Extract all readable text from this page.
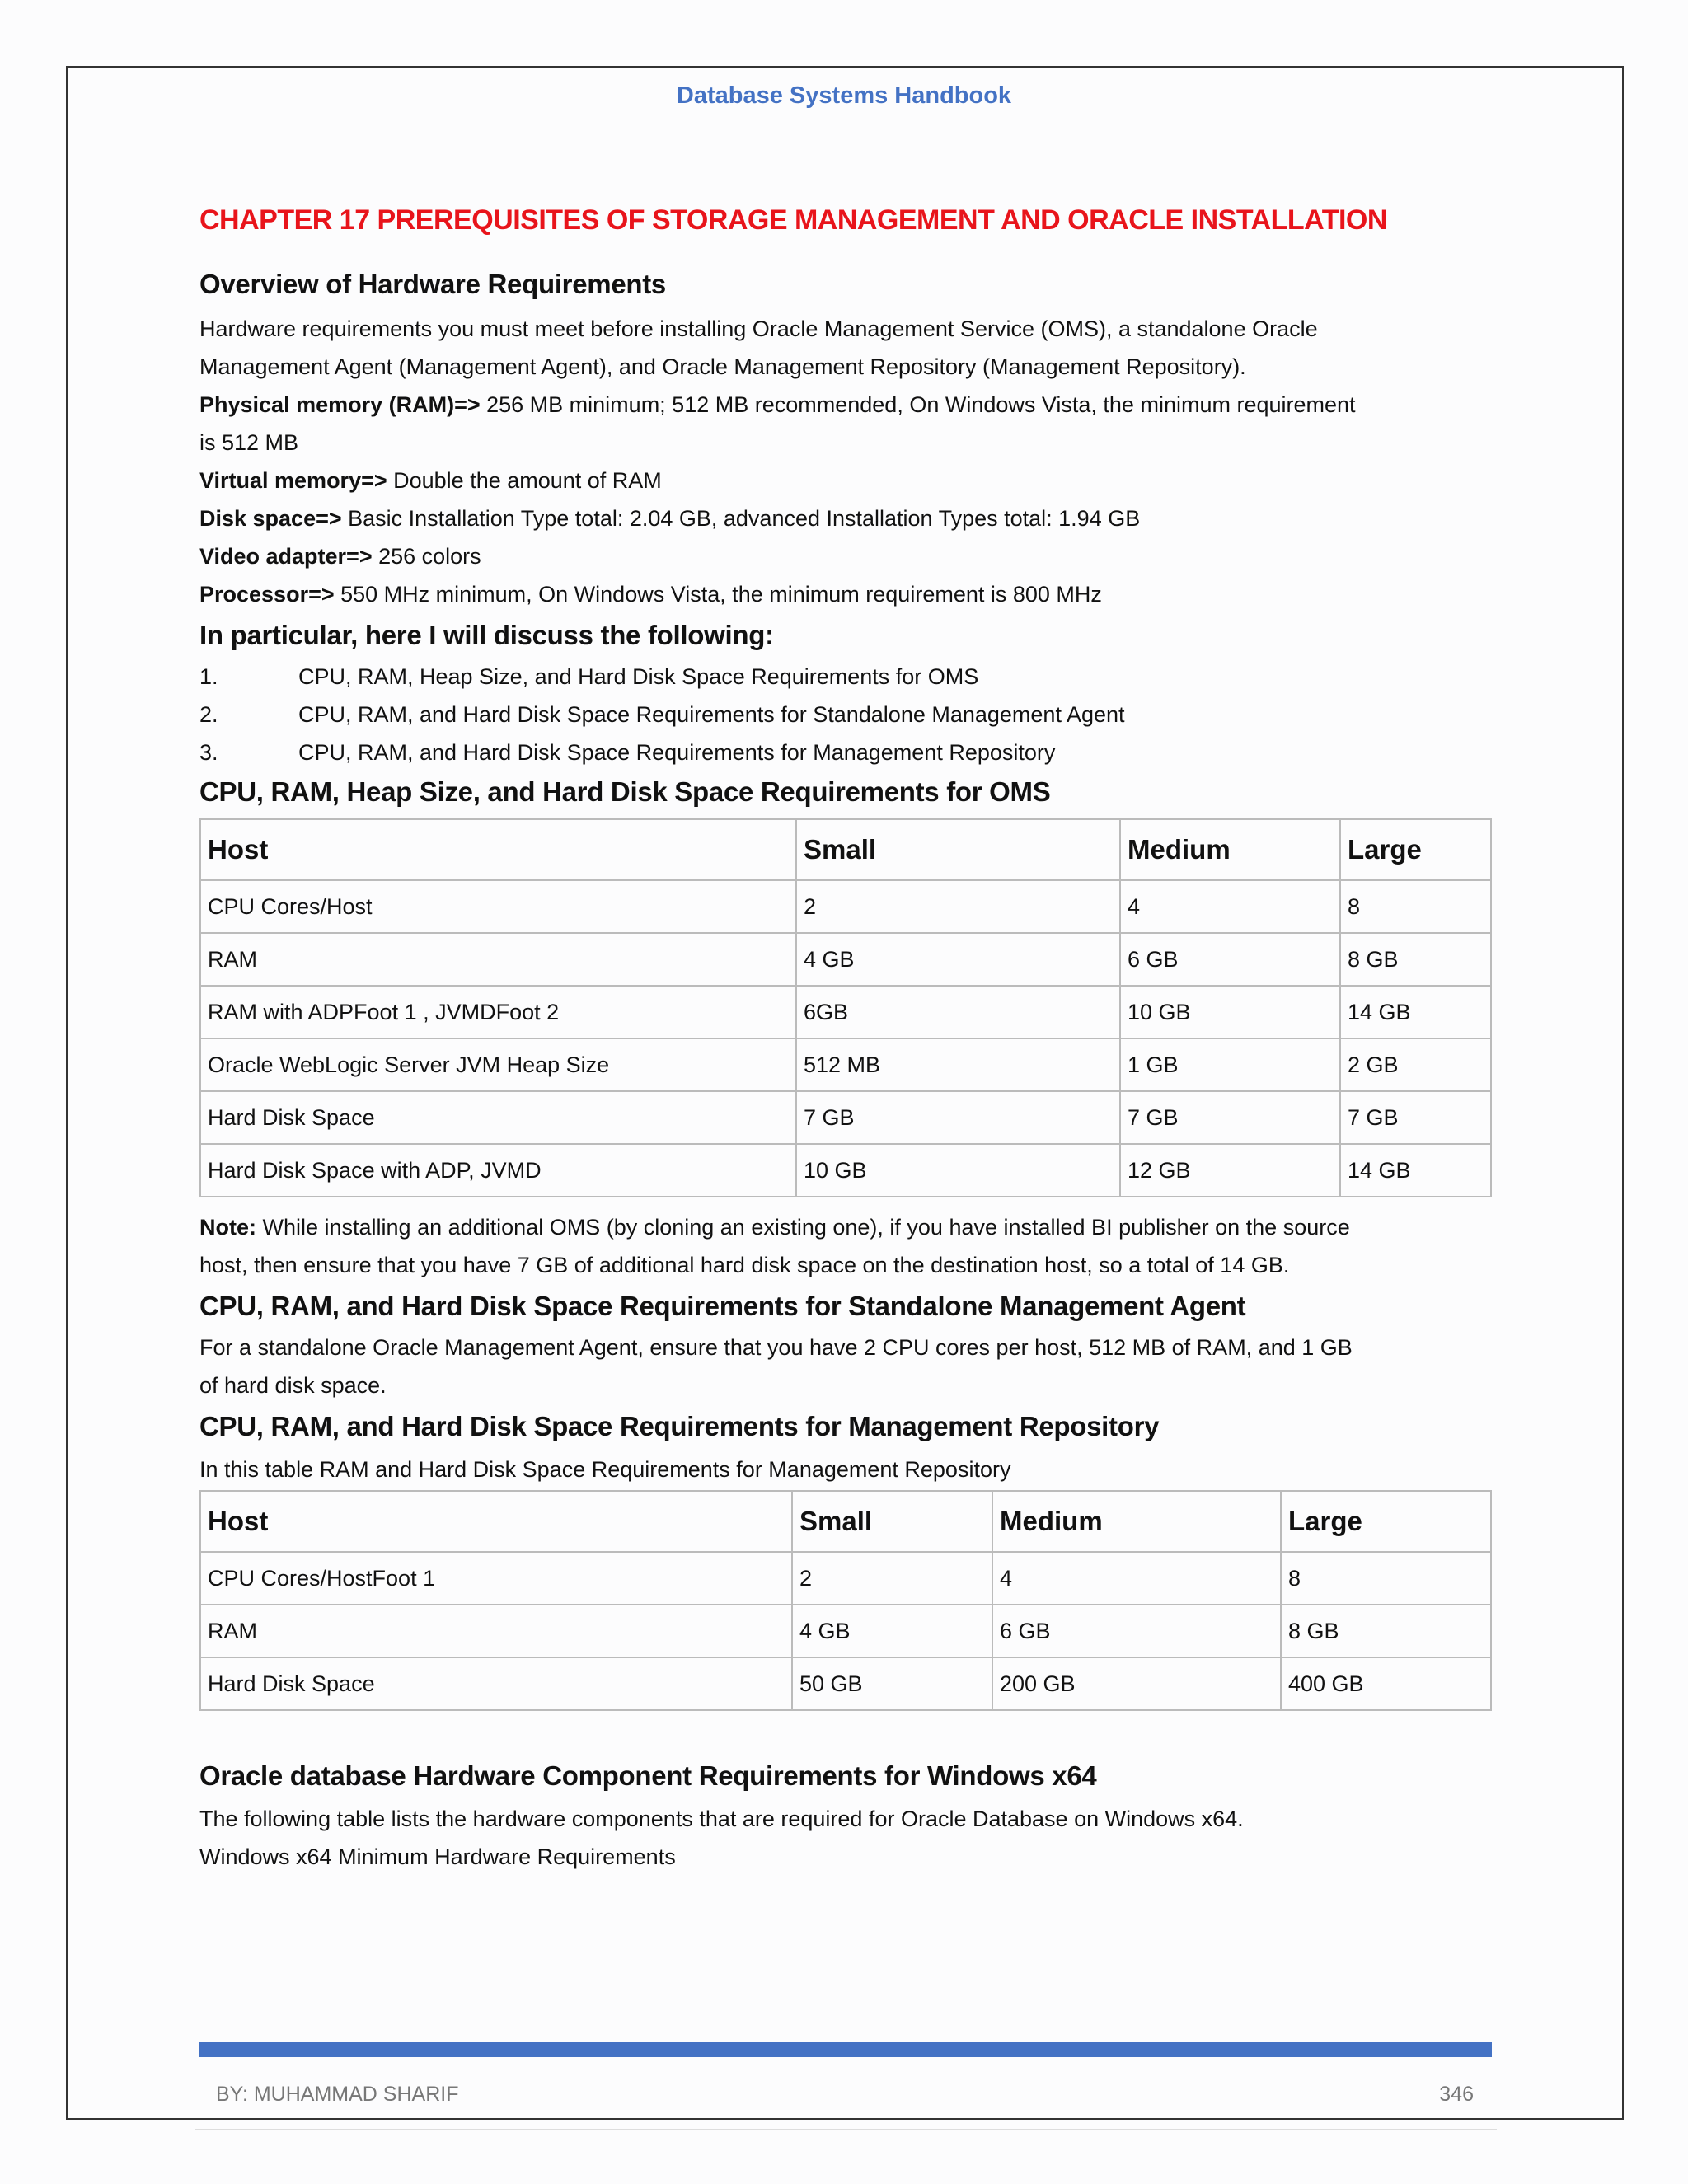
Database Systems Handbook
CHAPTER 17 PREREQUISITES OF STORAGE MANAGEMENT AND ORACLE INSTALLATION
Overview of Hardware Requirements
Hardware requirements you must meet before installing Oracle Management Service (OMS), a standalone Oracle
Management Agent (Management Agent), and Oracle Management Repository (Management Repository).
Physical memory (RAM)=> 256 MB minimum; 512 MB recommended, On Windows Vista, the minimum requirement
is 512 MB
Virtual memory=> Double the amount of RAM
Disk space=> Basic Installation Type total: 2.04 GB, advanced Installation Types total: 1.94 GB
Video adapter=> 256 colors
Processor=> 550 MHz minimum, On Windows Vista, the minimum requirement is 800 MHz
In particular, here I will discuss the following:
1.	CPU, RAM, Heap Size, and Hard Disk Space Requirements for OMS
2.	CPU, RAM, and Hard Disk Space Requirements for Standalone Management Agent
3.	CPU, RAM, and Hard Disk Space Requirements for Management Repository
CPU, RAM, Heap Size, and Hard Disk Space Requirements for OMS
Host	Small	Medium	Large
CPU Cores/Host	2	4	8
RAM	4 GB	6 GB	8 GB
RAM with ADPFoot 1 , JVMDFoot 2	6GB	10 GB	14 GB
Oracle WebLogic Server JVM Heap Size	512 MB	1 GB	2 GB
Hard Disk Space	7 GB	7 GB	7 GB
Hard Disk Space with ADP, JVMD	10 GB	12 GB	14 GB
Note: While installing an additional OMS (by cloning an existing one), if you have installed BI publisher on the source
host, then ensure that you have 7 GB of additional hard disk space on the destination host, so a total of 14 GB.
CPU, RAM, and Hard Disk Space Requirements for Standalone Management Agent
For a standalone Oracle Management Agent, ensure that you have 2 CPU cores per host, 512 MB of RAM, and 1 GB
of hard disk space.
CPU, RAM, and Hard Disk Space Requirements for Management Repository
In this table RAM and Hard Disk Space Requirements for Management Repository
Host	Small	Medium	Large
CPU Cores/HostFoot 1	2	4	8
RAM	4 GB	6 GB	8 GB
Hard Disk Space	50 GB	200 GB	400 GB
Oracle database Hardware Component Requirements for Windows x64
The following table lists the hardware components that are required for Oracle Database on Windows x64.
Windows x64 Minimum Hardware Requirements
BY: MUHAMMAD SHARIF	346
